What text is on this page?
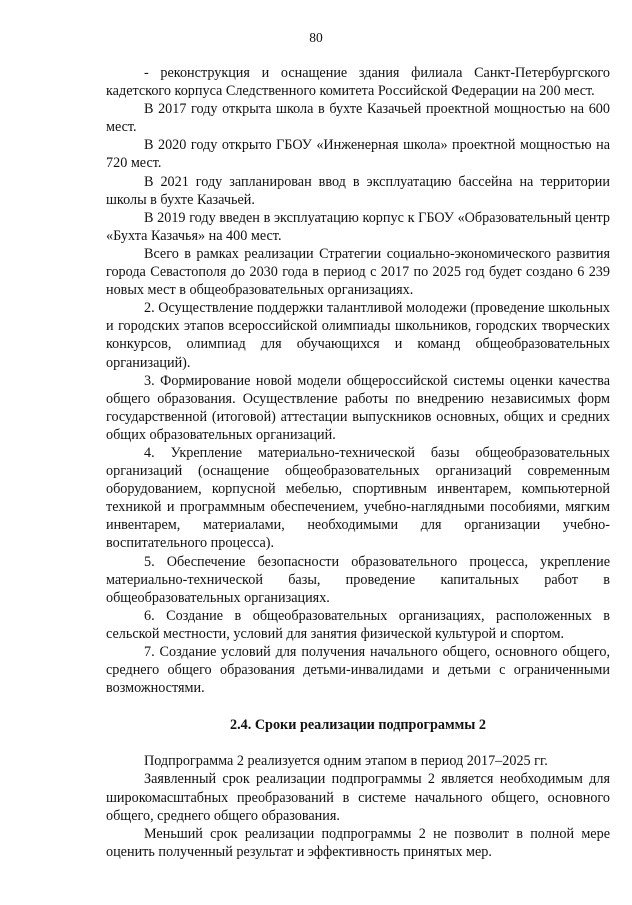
80

- реконструкция и оснащение здания филиала Санкт-Петербургского кадетского корпуса Следственного комитета Российской Федерации на 200 мест.

В 2017 году открыта школа в бухте Казачьей проектной мощностью на 600 мест.

В 2020 году открыто ГБОУ «Инженерная школа» проектной мощностью на 720 мест.

В 2021 году запланирован ввод в эксплуатацию бассейна на территории школы в бухте Казачьей.

В 2019 году введен в эксплуатацию корпус к ГБОУ «Образовательный центр «Бухта Казачья» на 400 мест.

Всего в рамках реализации Стратегии социально-экономического развития города Севастополя до 2030 года в период с 2017 по 2025 год будет создано 6 239 новых мест в общеобразовательных организациях.

2. Осуществление поддержки талантливой молодежи (проведение школьных и городских этапов всероссийской олимпиады школьников, городских творческих конкурсов, олимпиад для обучающихся и команд общеобразовательных организаций).

3. Формирование новой модели общероссийской системы оценки качества общего образования. Осуществление работы по внедрению независимых форм государственной (итоговой) аттестации выпускников основных, общих и средних общих образовательных организаций.

4. Укрепление материально-технической базы общеобразовательных организаций (оснащение общеобразовательных организаций современным оборудованием, корпусной мебелью, спортивным инвентарем, компьютерной техникой и программным обеспечением, учебно-наглядными пособиями, мягким инвентарем, материалами, необходимыми для организации учебно-воспитательного процесса).

5. Обеспечение безопасности образовательного процесса, укрепление материально-технической базы, проведение капитальных работ в общеобразовательных организациях.

6. Создание в общеобразовательных организациях, расположенных в сельской местности, условий для занятия физической культурой и спортом.

7. Создание условий для получения начального общего, основного общего, среднего общего образования детьми-инвалидами и детьми с ограниченными возможностями.

2.4. Сроки реализации подпрограммы 2

Подпрограмма 2 реализуется одним этапом в период 2017–2025 гг.

Заявленный срок реализации подпрограммы 2 является необходимым для широкомасштабных преобразований в системе начального общего, основного общего, среднего общего образования.

Меньший срок реализации подпрограммы 2 не позволит в полной мере оценить полученный результат и эффективность принятых мер.
